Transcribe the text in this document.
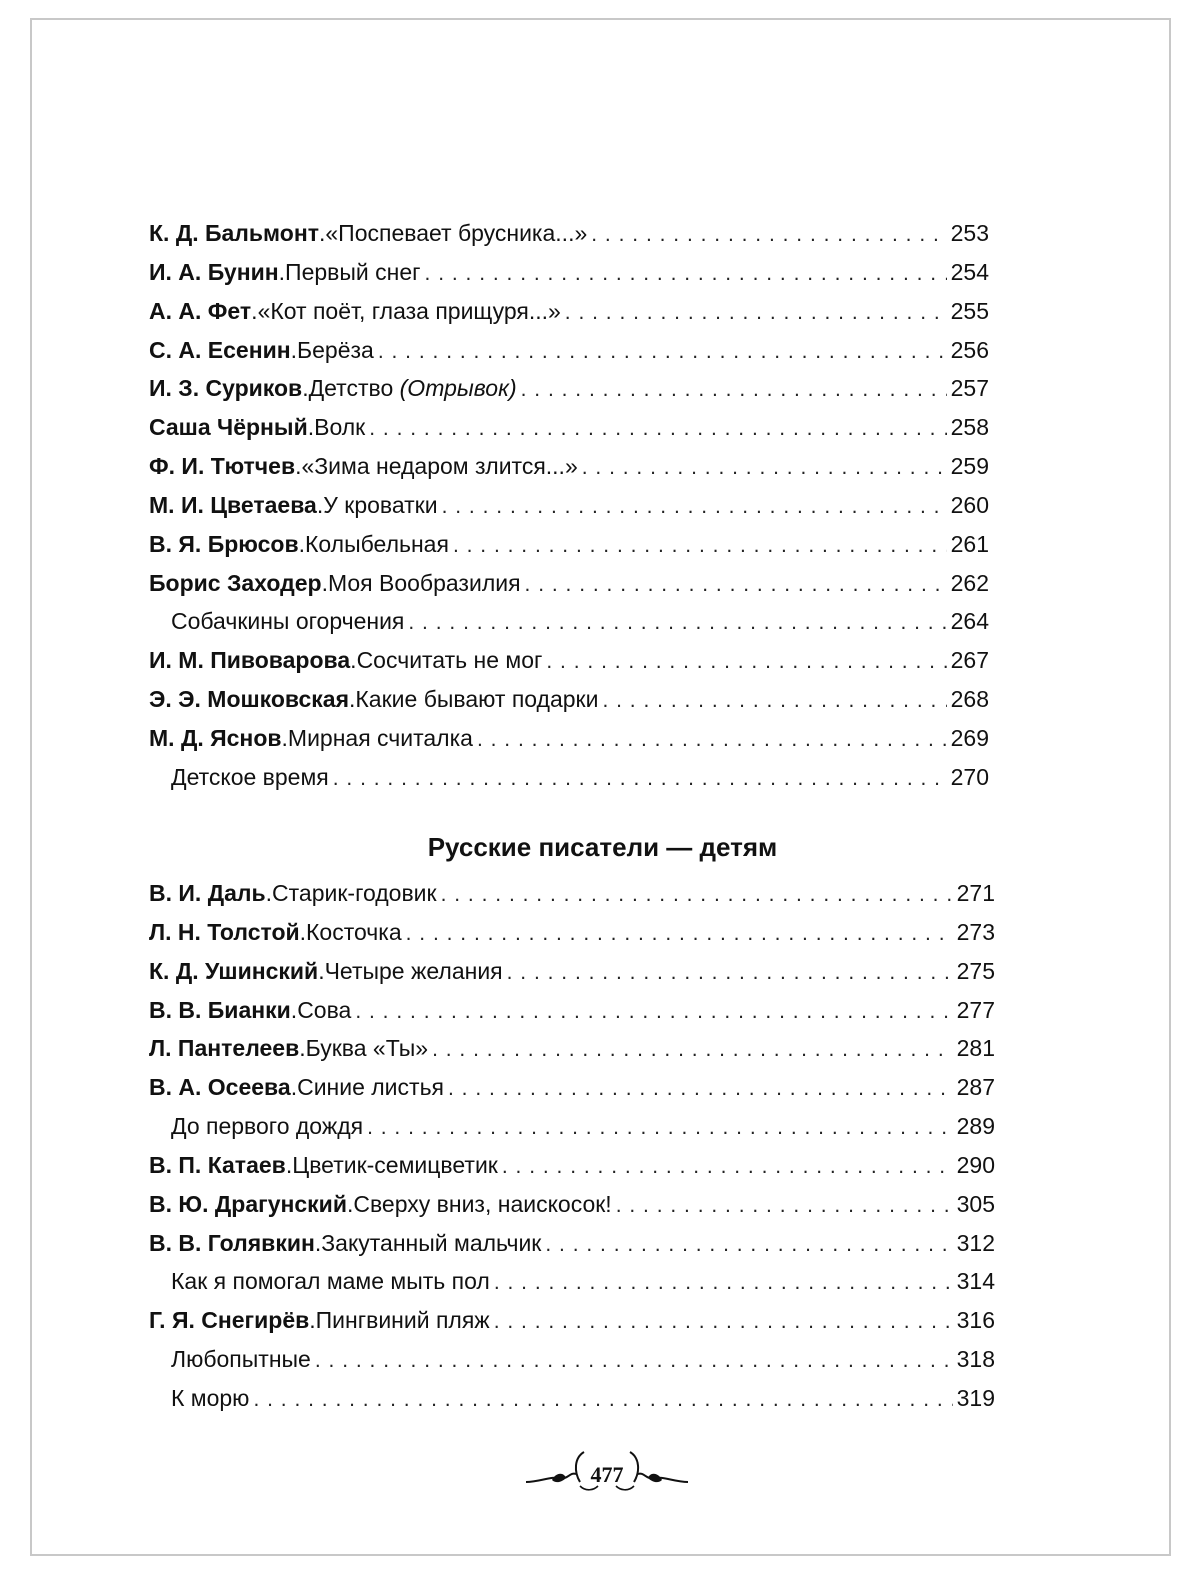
К. Д. Бальмонт . «Поспевает брусника...» . . .	253
И. А. Бунин . Первый снег . . .	254
А. А. Фет . «Кот поёт, глаза прищуря...» . . .	255
С. А. Есенин . Берёза . . .	256
И. З. Суриков . Детство (Отрывок) . . .	257
Саша Чёрный . Волк . . .	258
Ф. И. Тютчев . «Зима недаром злится...» . . .	259
М. И. Цветаева . У кроватки . . .	260
В. Я. Брюсов . Колыбельная . . .	261
Борис Заходер . Моя Вообразилия . . .	262
Собачкины огорчения . . .	264
И. М. Пивоварова . Сосчитать не мог . . .	267
Э. Э. Мошковская . Какие бывают подарки . . .	268
М. Д. Яснов . Мирная считалка . . .	269
Детское время . . .	270
Русские писатели — детям
В. И. Даль . Старик-годовик . . .	271
Л. Н. Толстой . Косточка . . .	273
К. Д. Ушинский . Четыре желания . . .	275
В. В. Бианки . Сова . . .	277
Л. Пантелеев . Буква «Ты» . . .	281
В. А. Осеева . Синие листья . . .	287
До первого дождя . . .	289
В. П. Катаев . Цветик-семицветик . . .	290
В. Ю. Драгунский . Сверху вниз, наискосок! . . .	305
В. В. Голявкин . Закутанный мальчик . . .	312
Как я помогал маме мыть пол . . .	314
Г. Я. Снегирёв . Пингвиний пляж . . .	316
Любопытные . . .	318
К морю . . .	319
477
